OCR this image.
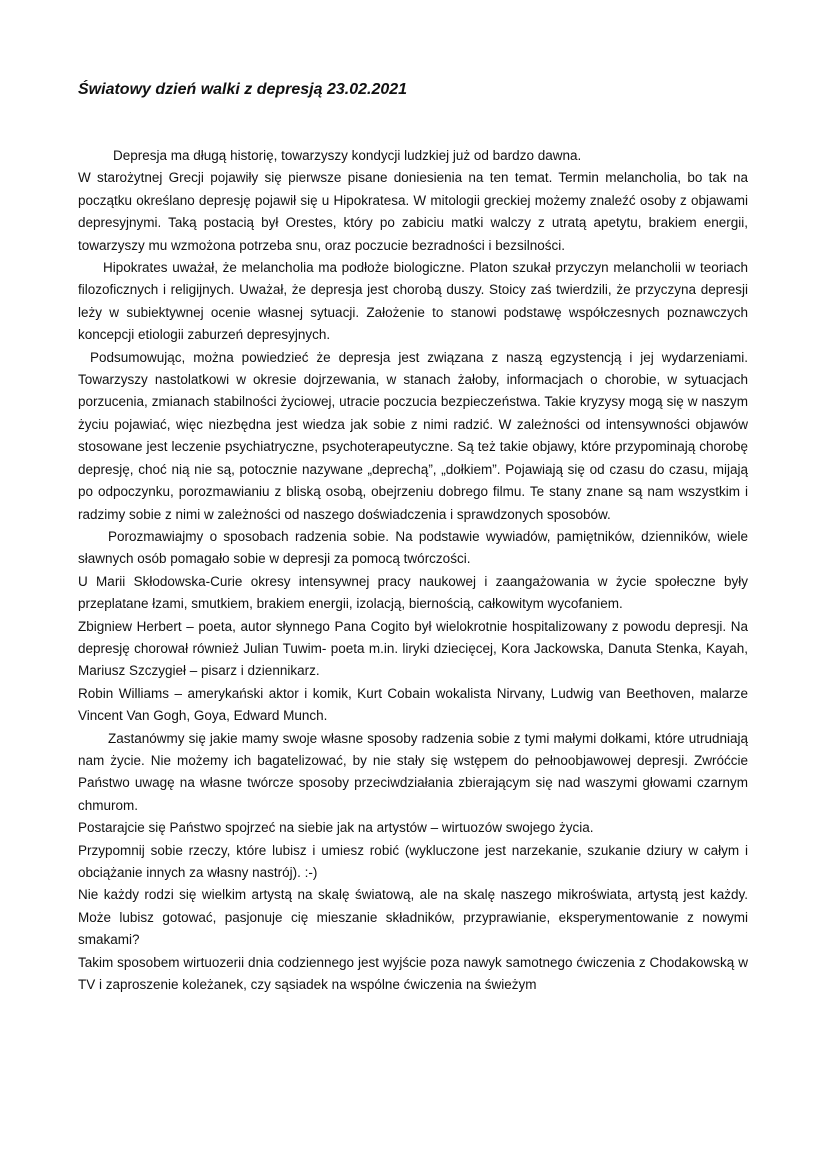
Światowy dzień walki z depresją 23.02.2021

Depresja ma długą historię, towarzyszy kondycji ludzkiej już od bardzo dawna.

W starożytnej Grecji pojawiły się pierwsze pisane doniesienia na ten temat. Termin melancholia, bo tak na początku określano depresję pojawił się u Hipokratesa. W mitologii greckiej możemy znaleźć osoby z objawami depresyjnymi. Taką postacią był Orestes, który po zabiciu matki walczy z utratą apetytu, brakiem energii, towarzyszy mu wzmożona potrzeba snu, oraz poczucie bezradności i bezsilności.

Hipokrates uważał, że melancholia ma podłoże biologiczne. Platon szukał przyczyn melancholii w teoriach filozoficznych i religijnych. Uważał, że depresja jest chorobą duszy. Stoicy zaś twierdzili, że przyczyna depresji leży w subiektywnej ocenie własnej sytuacji. Założenie to stanowi podstawę współczesnych poznawczych koncepcji etiologii zaburzeń depresyjnych.

Podsumowując, można powiedzieć że depresja jest związana z naszą egzystencją i jej wydarzeniami. Towarzyszy nastolatkowi w okresie dojrzewania, w stanach żałoby, informacjach o chorobie, w sytuacjach porzucenia, zmianach stabilności życiowej, utracie poczucia bezpieczeństwa. Takie kryzysy mogą się w naszym życiu pojawiać, więc niezbędna jest wiedza jak sobie z nimi radzić. W zależności od intensywności objawów stosowane jest leczenie psychiatryczne, psychoterapeutyczne. Są też takie objawy, które przypominają chorobę depresję, choć nią nie są, potocznie nazywane „deprechą”, „dołkiem”. Pojawiają się od czasu do czasu, mijają po odpoczynku, porozmawianiu z bliską osobą, obejrzeniu dobrego filmu. Te stany znane są nam wszystkim i radzimy sobie z nimi w zależności od naszego doświadczenia i sprawdzonych sposobów.

Porozmawiajmy o sposobach radzenia sobie. Na podstawie wywiadów, pamiętników, dzienników, wiele sławnych osób pomagało sobie w depresji za pomocą twórczości.

U Marii Skłodowska-Curie okresy intensywnej pracy naukowej i zaangażowania w życie społeczne były przeplatane łzami, smutkiem, brakiem energii, izolacją, biernością, całkowitym wycofaniem.

Zbigniew Herbert – poeta, autor słynnego Pana Cogito był wielokrotnie hospitalizowany z powodu depresji. Na depresję chorował również Julian Tuwim- poeta m.in. liryki dziecięcej, Kora Jackowska, Danuta Stenka, Kayah, Mariusz Szczygieł – pisarz i dziennikarz.

Robin Williams – amerykański aktor i komik, Kurt Cobain wokalista Nirvany, Ludwig van Beethoven, malarze Vincent Van Gogh, Goya, Edward Munch.

Zastanówmy się jakie mamy swoje własne sposoby radzenia sobie z tymi małymi dołkami, które utrudniają nam życie. Nie możemy ich bagatelizować, by nie stały się wstępem do pełnoobjawowej depresji. Zwróćcie Państwo uwagę na własne twórcze sposoby przeciwdziałania zbierającym się nad waszymi głowami czarnym chmurom.

Postarajcie się Państwo spojrzeć na siebie jak na artystów – wirtuozów swojego życia.

Przypomnij sobie rzeczy, które lubisz i umiesz robić (wykluczone jest narzekanie, szukanie dziury w całym i obciążanie innych za własny nastrój). :-)

Nie każdy rodzi się wielkim artystą na skalę światową, ale na skalę naszego mikroświata, artystą jest każdy. Może lubisz gotować, pasjonuje cię mieszanie składników, przyprawianie, eksperymentowanie z nowymi smakami?

Takim sposobem wirtuozerii dnia codziennego jest wyjście poza nawyk samotnego ćwiczenia z Chodakowską w TV i zaproszenie koleżanek, czy sąsiadek na wspólne ćwiczenia na świeżym
